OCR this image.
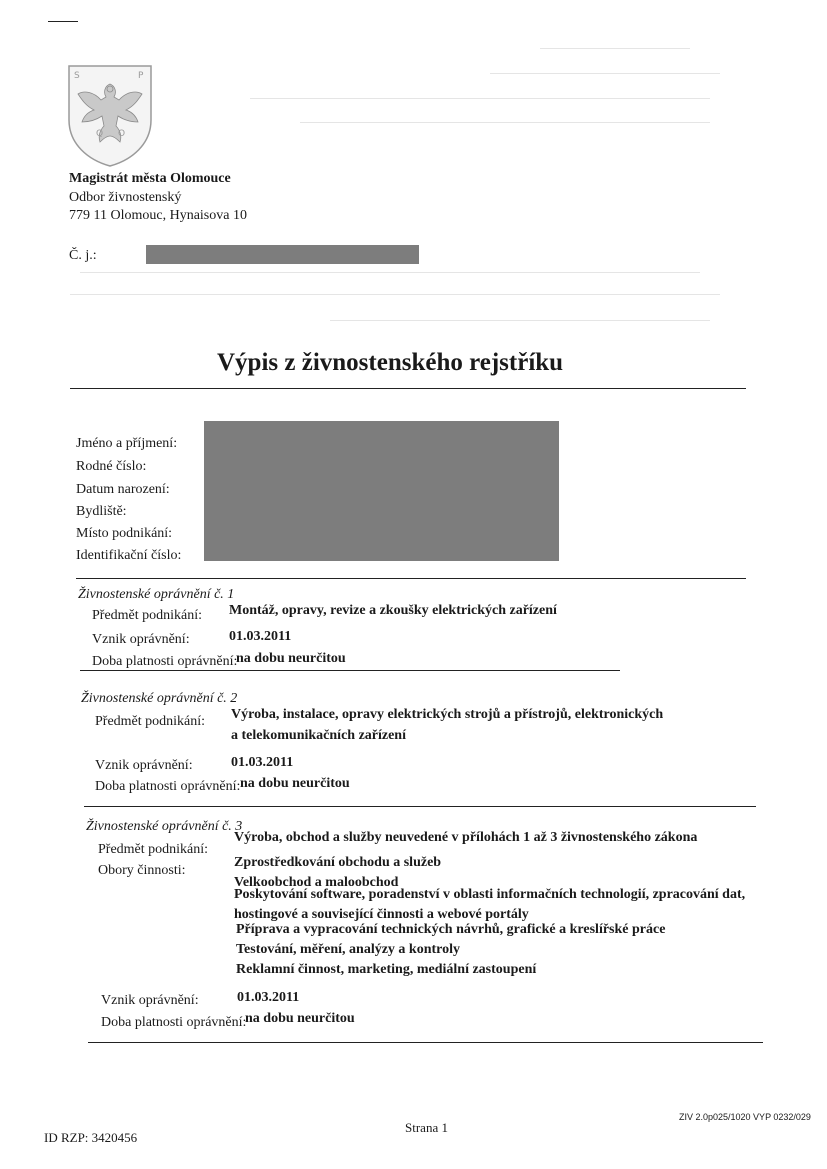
S	P
Q O
Magistrát města Olomouce
Odbor živnostenský
779 11 Olomouc, Hynaisova 10
Č. j.:
Výpis z živnostenského rejstříku
Jméno a příjmení:
Rodné číslo:
Datum narození:
Bydliště:
Místo podnikání:
Identifikační číslo:
Živnostenské oprávnění č. 1
Předmět podnikání: Montáž, opravy, revize a zkoušky elektrických zařízení
Vznik oprávnění:	01.03.2011
Doba platnosti oprávnění:
na dobu neurčitou
Živnostenské oprávnění č. 2
Předmět podnikání: Výroba, instalace, opravy elektrických strojů a přístrojů, elektronických
a telekomunikačních zařízení
Vznik oprávnění:	01.03.2011
Doba platnosti oprávnění: na dobu neurčitou
Živnostenské oprávnění č. 3
Předmět podnikání:
Výroba, obchod a služby neuvedené v přílohách 1 až 3 živnostenského zákona
Obory činnosti:
Zprostředkování obchodu a služeb
Velkoobchod a maloobchod
Poskytování software, poradenství v oblasti informačních technologií, zpracování dat,
hostingové a související činnosti a webové portály
Příprava a vypracování technických návrhů, grafické a kreslířské práce
Testování, měření, analýzy a kontroly
Reklamní činnost, marketing, mediální zastoupení
Vznik oprávnění:	01.03.2011
Doba platnosti oprávnění:
na dobu neurčitou
ID RZP: 3420456
Strana 1
ZIV 2.0p025/1020 VYP 0232/029
